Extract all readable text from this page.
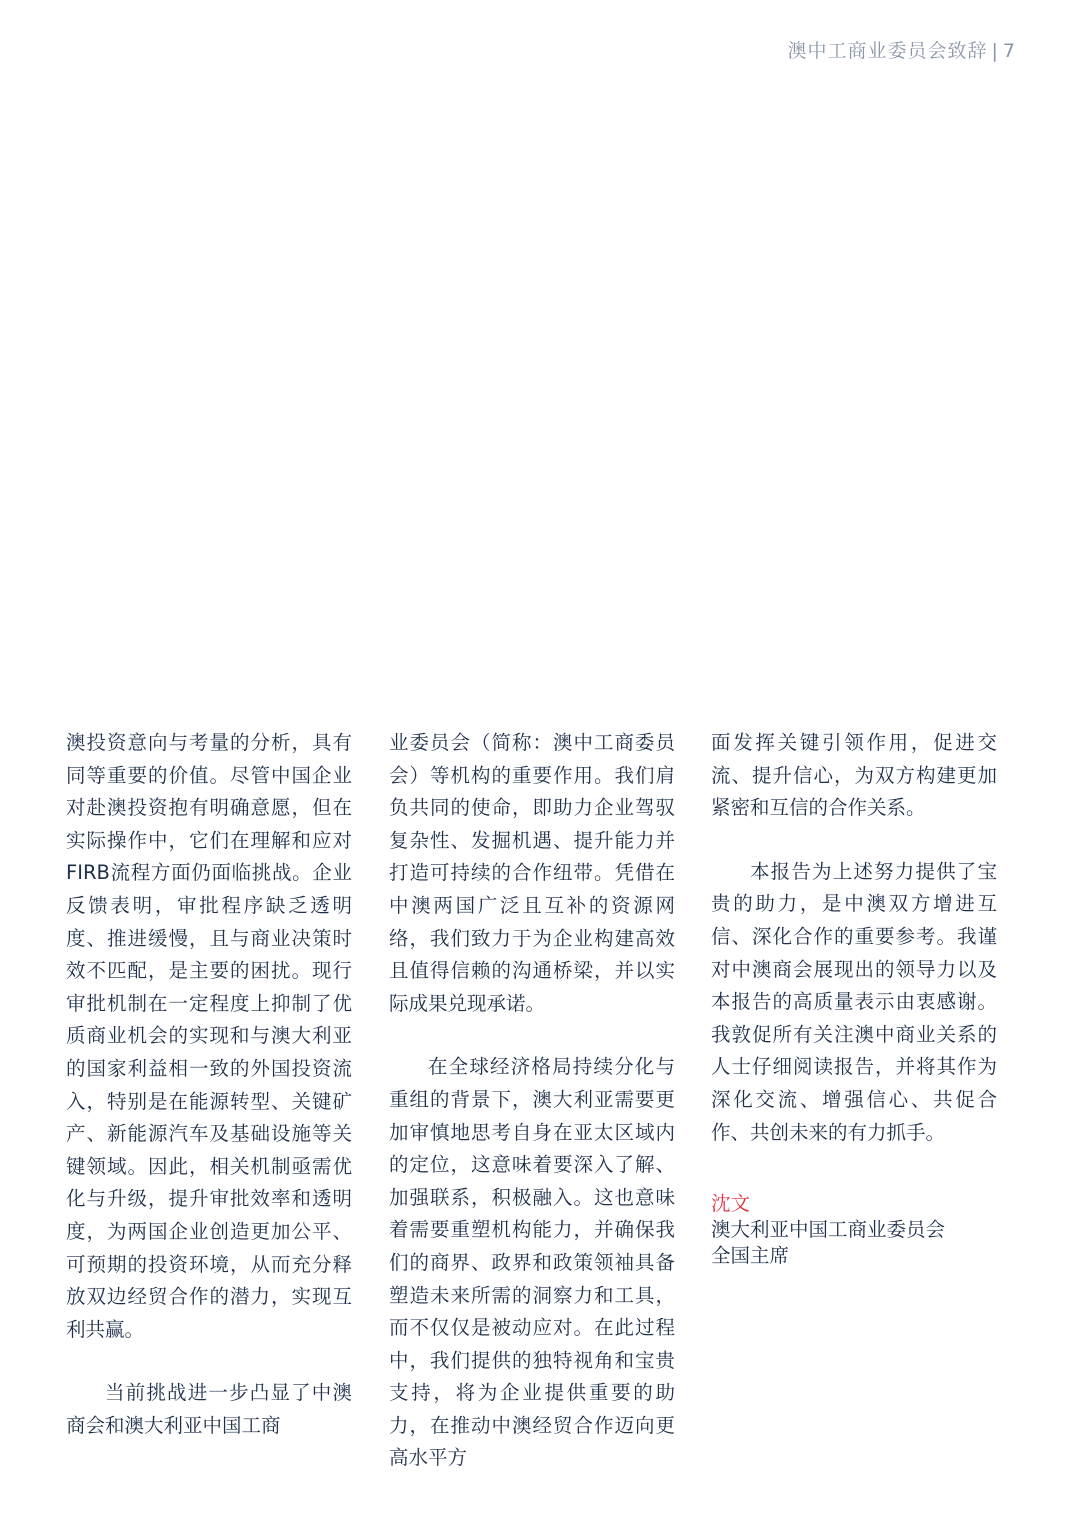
澳中工商业委员会致辞 | 7

澳投资意向与考量的分析，具有同等重要的价值。尽管中国企业对赴澳投资抱有明确意愿，但在实际操作中，它们在理解和应对FIRB流程方面仍面临挑战。企业反馈表明，审批程序缺乏透明度、推进缓慢，且与商业决策时效不匹配，是主要的困扰。现行审批机制在一定程度上抑制了优质商业机会的实现和与澳大利亚的国家利益相一致的外国投资流入，特别是在能源转型、关键矿产、新能源汽车及基础设施等关键领域。因此，相关机制亟需优化与升级，提升审批效率和透明度，为两国企业创造更加公平、可预期的投资环境，从而充分释放双边经贸合作的潜力，实现互利共赢。

当前挑战进一步凸显了中澳商会和澳大利亚中国工商

业委员会（简称：澳中工商委员会）等机构的重要作用。我们肩负共同的使命，即助力企业驾驭复杂性、发掘机遇、提升能力并打造可持续的合作纽带。凭借在中澳两国广泛且互补的资源网络，我们致力于为企业构建高效且值得信赖的沟通桥梁，并以实际成果兑现承诺。

在全球经济格局持续分化与重组的背景下，澳大利亚需要更加审慎地思考自身在亚太区域内的定位，这意味着要深入了解、加强联系，积极融入。这也意味着需要重塑机构能力，并确保我们的商界、政界和政策领袖具备塑造未来所需的洞察力和工具，而不仅仅是被动应对。在此过程中，我们提供的独特视角和宝贵支持，将为企业提供重要的助力，在推动中澳经贸合作迈向更高水平方

面发挥关键引领作用，促进交流、提升信心，为双方构建更加紧密和互信的合作关系。

本报告为上述努力提供了宝贵的助力，是中澳双方增进互信、深化合作的重要参考。我谨对中澳商会展现出的领导力以及本报告的高质量表示由衷感谢。我敦促所有关注澳中商业关系的人士仔细阅读报告，并将其作为深化交流、增强信心、共促合作、共创未来的有力抓手。

沈文
澳大利亚中国工商业委员会
全国主席
